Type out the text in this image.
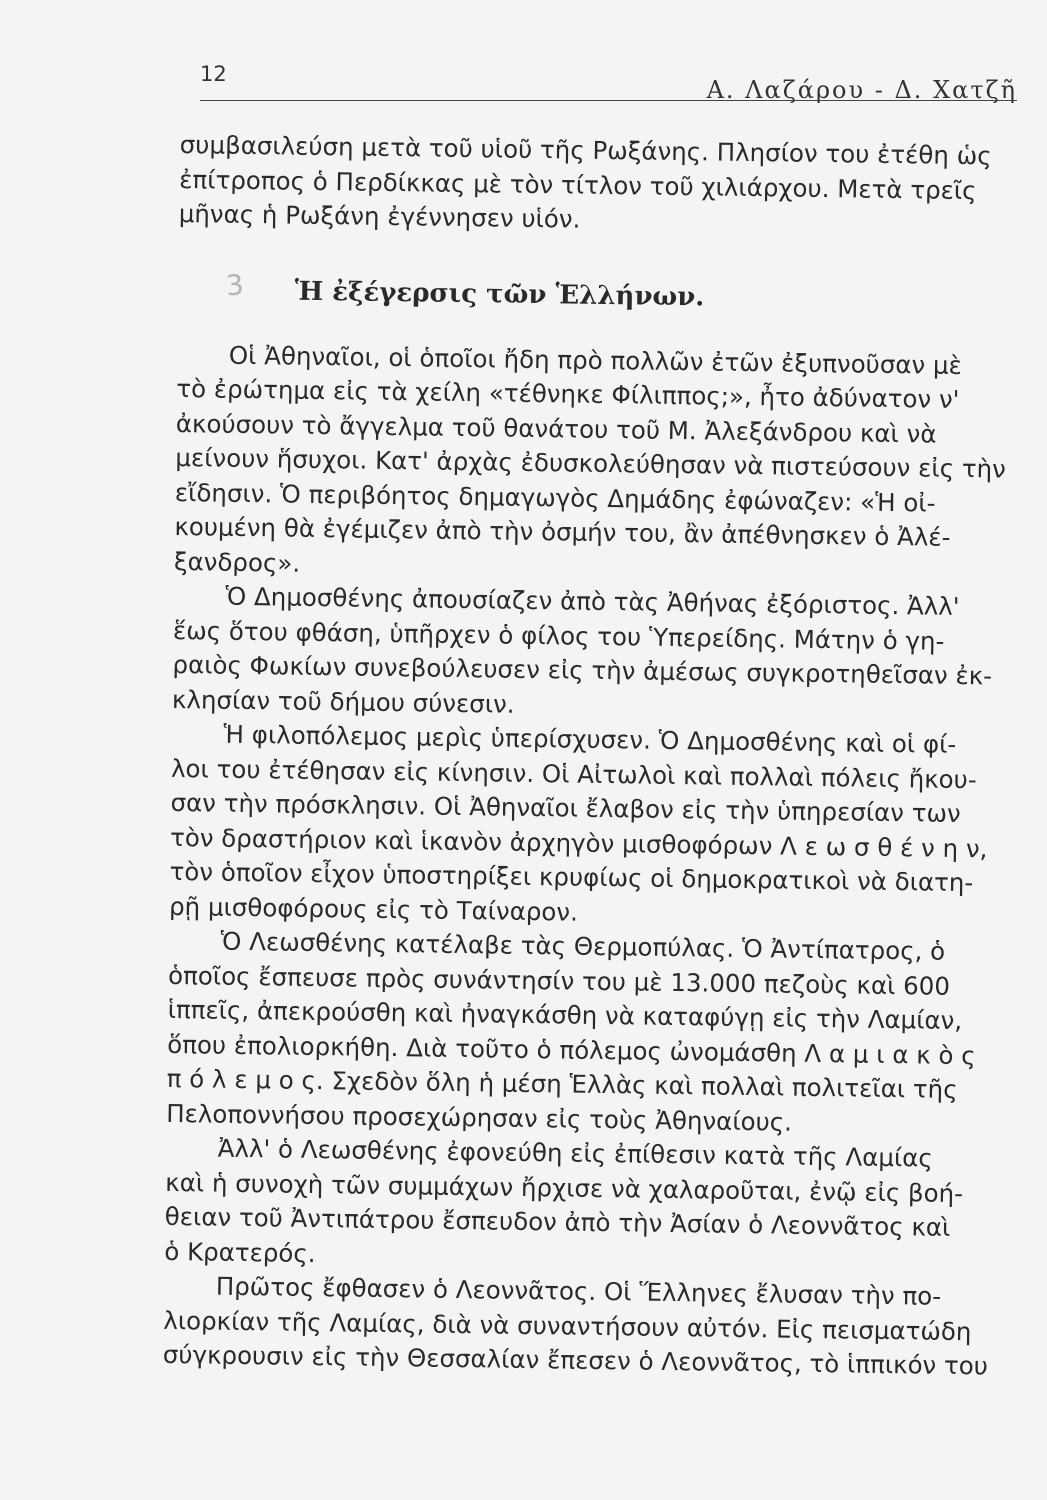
12
Α. Λαζάρου - Δ. Χατζῆ

συμβασιλεύση μετὰ τοῦ υἱοῦ τῆς Ρωξάνης. Πλησίον του ἐτέθη ὡς
ἐπίτροπος ὁ Περδίκκας μὲ τὸν τίτλον τοῦ χιλιάρχου. Μετὰ τρεῖς
μῆνας ἡ Ρωξάνη ἐγέννησεν υἱόν.

3 Ἡ ἐξέγερσις τῶν Ἑλλήνων.

Οἱ Ἀθηναῖοι, οἱ ὁποῖοι ἤδη πρὸ πολλῶν ἐτῶν ἐξυπνοῦσαν μὲ
τὸ ἐρώτημα εἰς τὰ χείλη «τέθνηκε Φίλιππος;», ἦτο ἀδύνατον ν'
ἀκούσουν τὸ ἄγγελμα τοῦ θανάτου τοῦ Μ. Ἀλεξάνδρου καὶ νὰ
μείνουν ἥσυχοι. Κατ' ἀρχὰς ἐδυσκολεύθησαν νὰ πιστεύσουν εἰς τὴν
εἴδησιν. Ὁ περιβόητος δημαγωγὸς Δημάδης ἐφώναζεν: «Ἡ οἰ-
κουμένη θὰ ἐγέμιζεν ἀπὸ τὴν ὀσμήν του, ἂν ἀπέθνησκεν ὁ Ἀλέ-
ξανδρος».

Ὁ Δημοσθένης ἀπουσίαζεν ἀπὸ τὰς Ἀθήνας ἐξόριστος. Ἀλλ'
ἕως ὅτου φθάση, ὑπῆρχεν ὁ φίλος του Ὑπερείδης. Μάτην ὁ γη-
ραιὸς Φωκίων συνεβούλευσεν εἰς τὴν ἀμέσως συγκροτηθεῖσαν ἐκ-
κλησίαν τοῦ δήμου σύνεσιν.

Ἡ φιλοπόλεμος μερὶς ὑπερίσχυσεν. Ὁ Δημοσθένης καὶ οἱ φί-
λοι του ἐτέθησαν εἰς κίνησιν. Οἱ Αἰτωλοὶ καὶ πολλαὶ πόλεις ἤκου-
σαν τὴν πρόσκλησιν. Οἱ Ἀθηναῖοι ἔλαβον εἰς τὴν ὑπηρεσίαν των
τὸν δραστήριον καὶ ἱκανὸν ἀρχηγὸν μισθοφόρων Λ ε ω σ θ έ ν η ν,
τὸν ὁποῖον εἶχον ὑποστηρίξει κρυφίως οἱ δημοκρατικοὶ νὰ διατη-
ρῇ μισθοφόρους εἰς τὸ Ταίναρον.

Ὁ Λεωσθένης κατέλαβε τὰς Θερμοπύλας. Ὁ Ἀντίπατρος, ὁ
ὁποῖος ἔσπευσε πρὸς συνάντησίν του μὲ 13.000 πεζοὺς καὶ 600
ἱππεῖς, ἀπεκρούσθη καὶ ἠναγκάσθη νὰ καταφύγῃ εἰς τὴν Λαμίαν,
ὅπου ἐπολιορκήθη. Διὰ τοῦτο ὁ πόλεμος ὠνομάσθη Λ α μ ι α κ ὸ ς
π ό λ ε μ ο ς. Σχεδὸν ὅλη ἡ μέση Ἑλλὰς καὶ πολλαὶ πολιτεῖαι τῆς
Πελοποννήσου προσεχώρησαν εἰς τοὺς Ἀθηναίους.

Ἀλλ' ὁ Λεωσθένης ἐφονεύθη εἰς ἐπίθεσιν κατὰ τῆς Λαμίας
καὶ ἡ συνοχὴ τῶν συμμάχων ἤρχισε νὰ χαλαροῦται, ἐνῷ εἰς βοή-
θειαν τοῦ Ἀντιπάτρου ἔσπευδον ἀπὸ τὴν Ἀσίαν ὁ Λεοννᾶτος καὶ
ὁ Κρατερός.

Πρῶτος ἔφθασεν ὁ Λεοννᾶτος. Οἱ Ἕλληνες ἔλυσαν τὴν πο-
λιορκίαν τῆς Λαμίας, διὰ νὰ συναντήσουν αὐτόν. Εἰς πεισματώδη
σύγκρουσιν εἰς τὴν Θεσσαλίαν ἔπεσεν ὁ Λεοννᾶτος, τὸ ἱππικόν του
